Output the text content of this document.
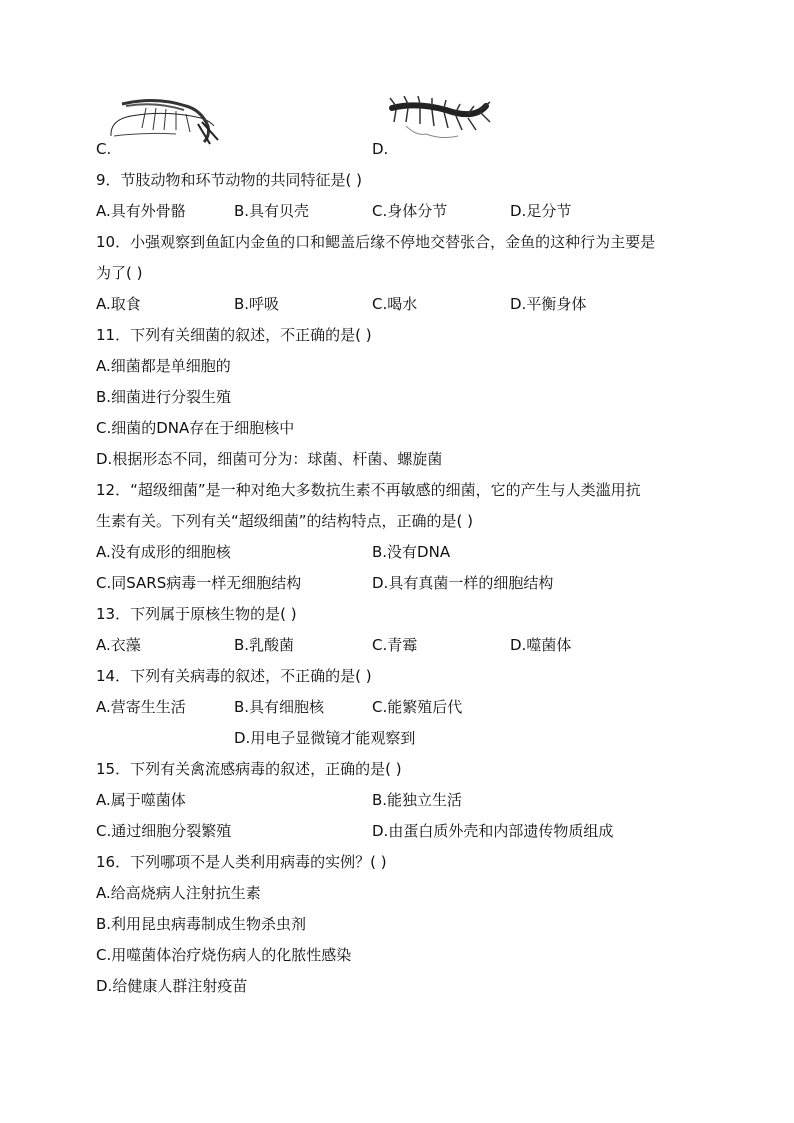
C.	D.
9．节肢动物和环节动物的共同特征是( )
A.具有外骨骼	B.具有贝壳	C.身体分节	D.足分节
10．小强观察到鱼缸内金鱼的口和鳃盖后缘不停地交替张合，金鱼的这种行为主要是
为了( )
A.取食	B.呼吸	C.喝水	D.平衡身体
11．下列有关细菌的叙述，不正确的是( )
A.细菌都是单细胞的
B.细菌进行分裂生殖
C.细菌的DNA存在于细胞核中
D.根据形态不同，细菌可分为：球菌、杆菌、螺旋菌
12．“超级细菌”是一种对绝大多数抗生素不再敏感的细菌，它的产生与人类滥用抗
生素有关。下列有关“超级细菌”的结构特点，正确的是( )
A.没有成形的细胞核	B.没有DNA
C.同SARS病毒一样无细胞结构	D.具有真菌一样的细胞结构
13．下列属于原核生物的是( )
A.衣藻	B.乳酸菌	C.青霉	D.噬菌体
14．下列有关病毒的叙述，不正确的是( )
A.营寄生生活	B.具有细胞核	C.能繁殖后代
D.用电子显微镜才能观察到
15．下列有关禽流感病毒的叙述，正确的是( )
A.属于噬菌体	B.能独立生活
C.通过细胞分裂繁殖	D.由蛋白质外壳和内部遗传物质组成
16．下列哪项不是人类利用病毒的实例？( )
A.给高烧病人注射抗生素
B.利用昆虫病毒制成生物杀虫剂
C.用噬菌体治疗烧伤病人的化脓性感染
D.给健康人群注射疫苗
